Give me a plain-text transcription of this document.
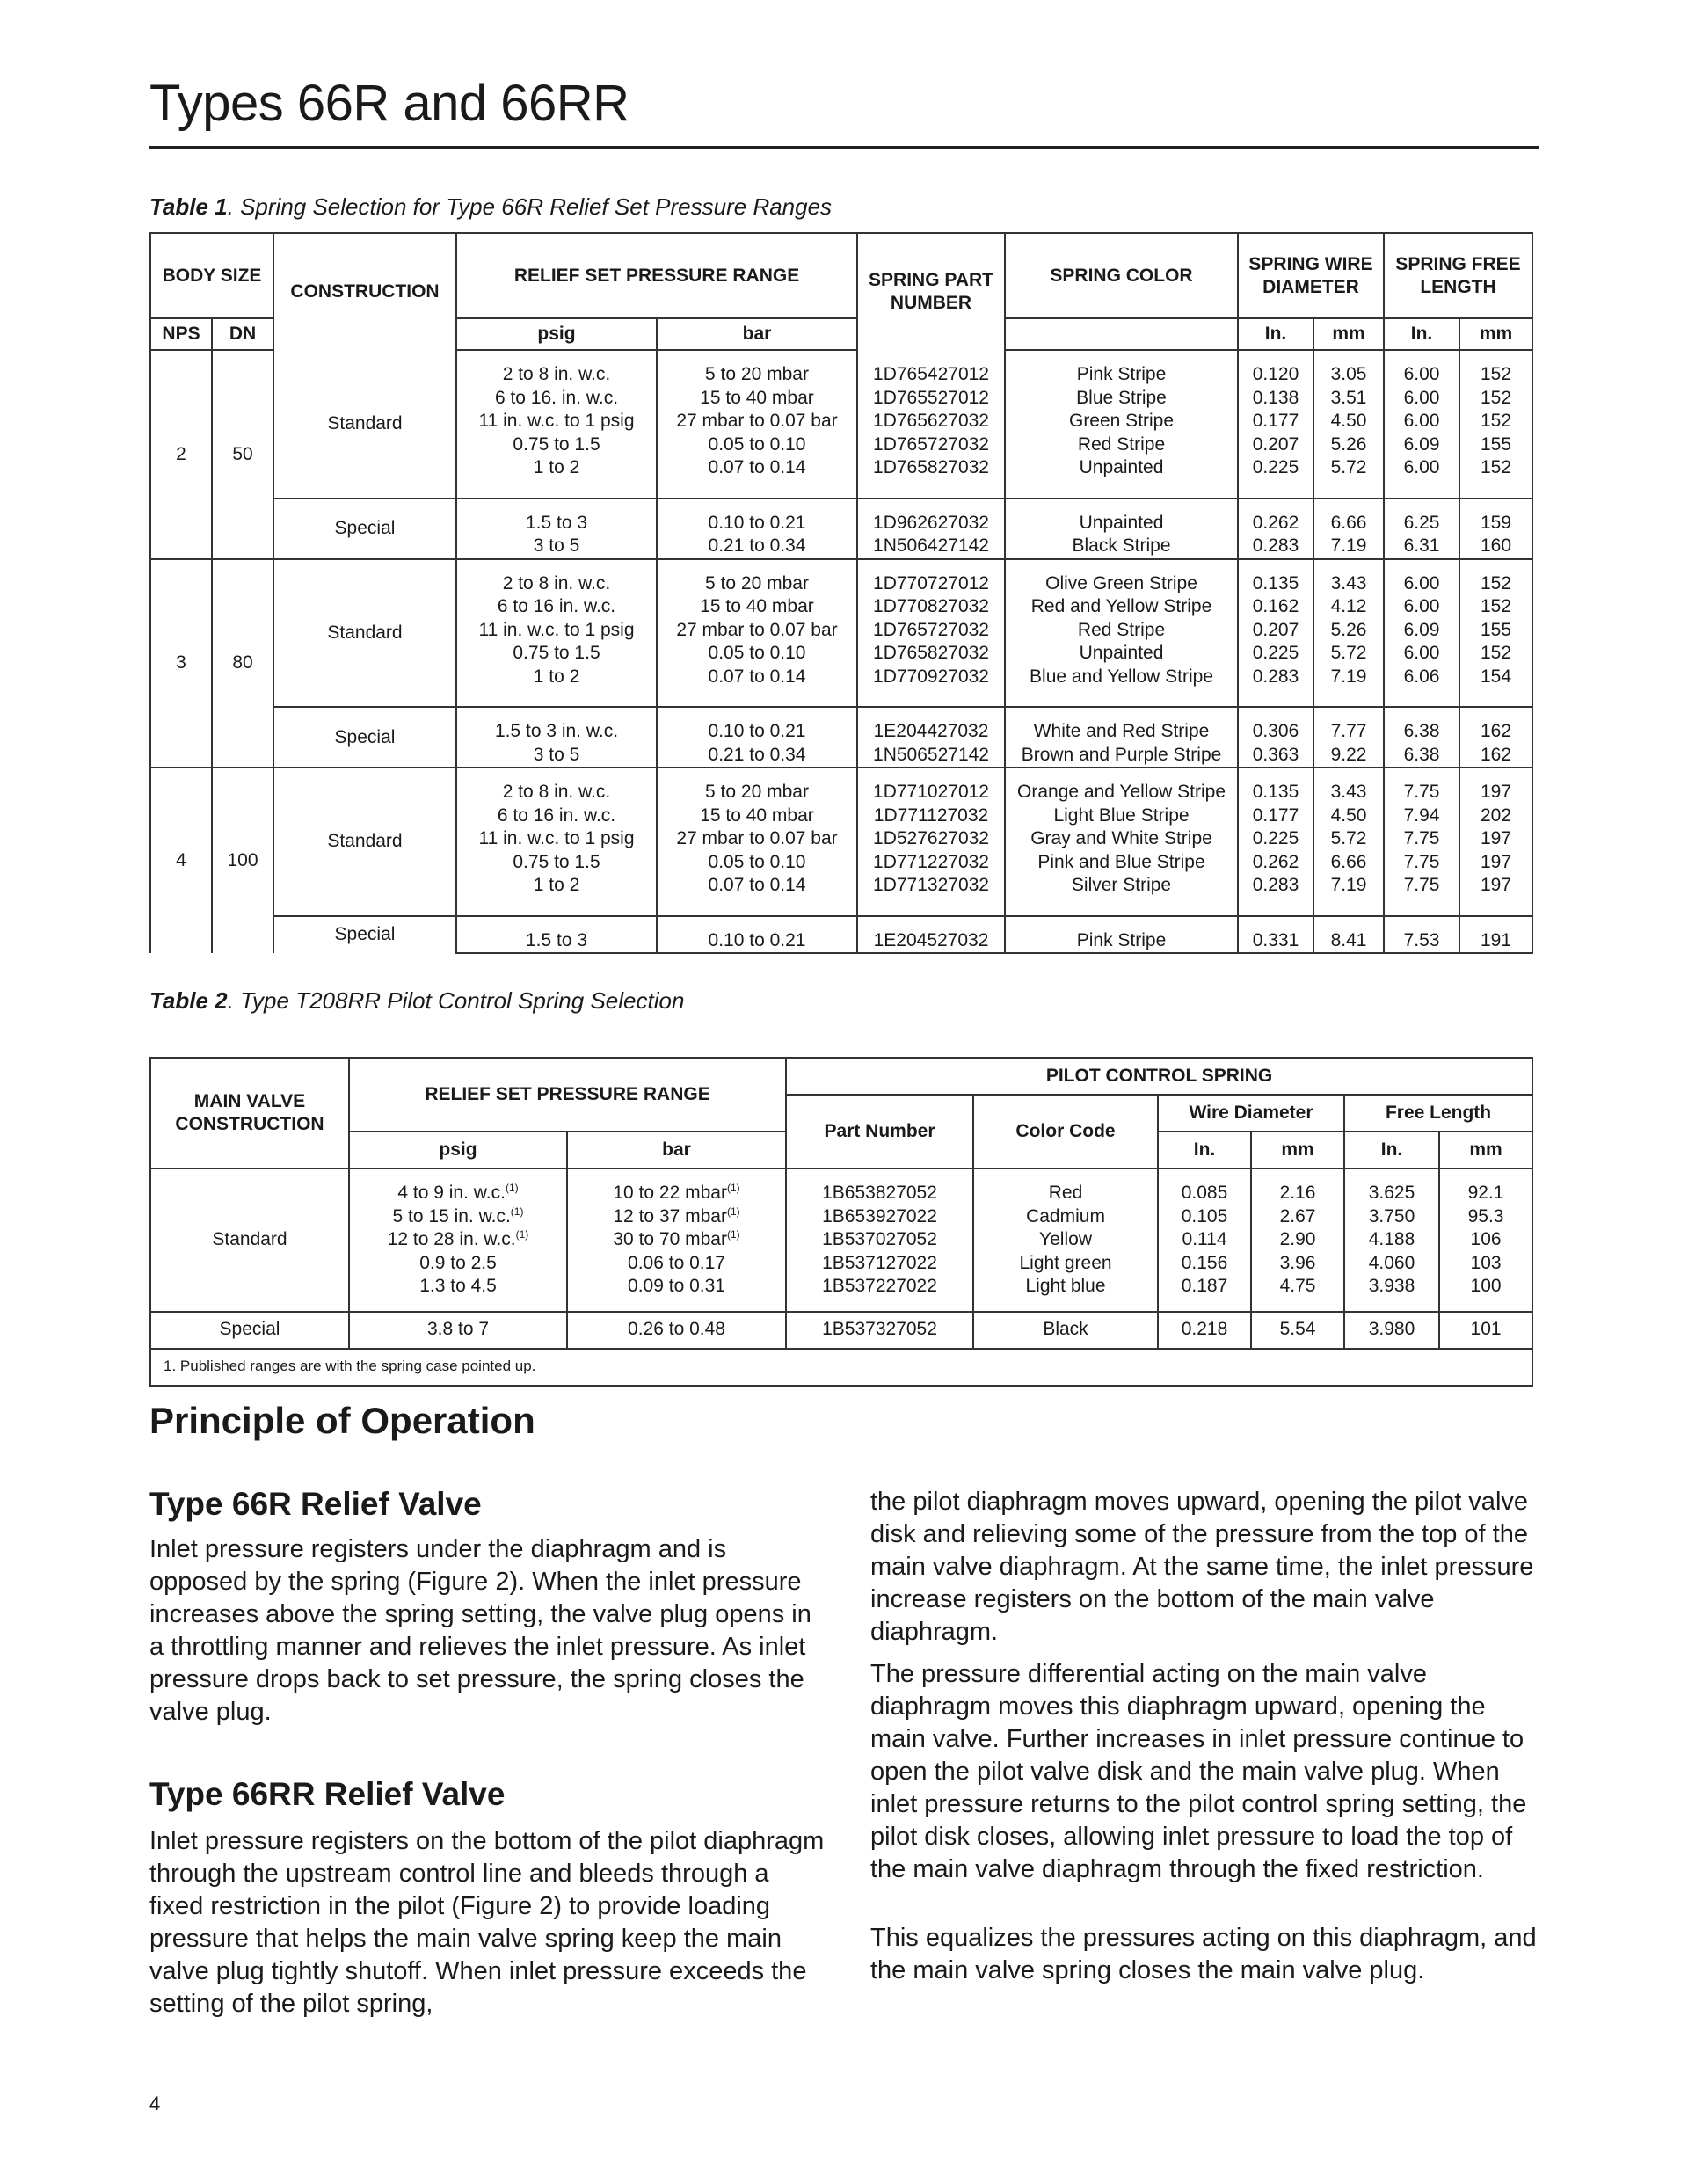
Types 66R and 66RR

Table 1. Spring Selection for Type 66R Relief Set Pressure Ranges

BODY SIZE		CONSTRUCTION	RELIEF SET PRESSURE RANGE		SPRING PART NUMBER	SPRING COLOR	SPRING WIRE DIAMETER		SPRING FREE LENGTH	
NPS	DN		psig	bar			In.	mm	In.	mm
2	50	Standard								
			2 to 8 in. w.c.	5 to 20 mbar	1D765427012	Pink Stripe	0.120	3.05	6.00	152
			6 to 16. in. w.c.	15 to 40 mbar	1D765527012	Blue Stripe	0.138	3.51	6.00	152
			11 in. w.c. to 1 psig	27 mbar to 0.07 bar	1D765627032	Green Stripe	0.177	4.50	6.00	152
			0.75 to 1.5	0.05 to 0.10	1D765727032	Red Stripe	0.207	5.26	6.09	155
			1 to 2	0.07 to 0.14	1D765827032	Unpainted	0.225	5.72	6.00	152

		Special								
			1.5 to 3	0.10 to 0.21	1D962627032	Unpainted	0.262	6.66	6.25	159
			3 to 5	0.21 to 0.34	1N506427142	Black Stripe	0.283	7.19	6.31	160
3	80	Standard								
			2 to 8 in. w.c.	5 to 20 mbar	1D770727012	Olive Green Stripe	0.135	3.43	6.00	152
			6 to 16 in. w.c.	15 to 40 mbar	1D770827032	Red and Yellow Stripe	0.162	4.12	6.00	152
			11 in. w.c. to 1 psig	27 mbar to 0.07 bar	1D765727032	Red Stripe	0.207	5.26	6.09	155
			0.75 to 1.5	0.05 to 0.10	1D765827032	Unpainted	0.225	5.72	6.00	152
			1 to 2	0.07 to 0.14	1D770927032	Blue and Yellow Stripe	0.283	7.19	6.06	154

		Special								
			1.5 to 3 in. w.c.	0.10 to 0.21	1E204427032	White and Red Stripe	0.306	7.77	6.38	162
			3 to 5	0.21 to 0.34	1N506527142	Brown and Purple Stripe	0.363	9.22	6.38	162
4	100	Standard								
			2 to 8 in. w.c.	5 to 20 mbar	1D771027012	Orange and Yellow Stripe	0.135	3.43	7.75	197
			6 to 16 in. w.c.	15 to 40 mbar	1D771127032	Light Blue Stripe	0.177	4.50	7.94	202
			11 in. w.c. to 1 psig	27 mbar to 0.07 bar	1D527627032	Gray and White Stripe	0.225	5.72	7.75	197
			0.75 to 1.5	0.05 to 0.10	1D771227032	Pink and Blue Stripe	0.262	6.66	7.75	197
			1 to 2	0.07 to 0.14	1D771327032	Silver Stripe	0.283	7.19	7.75	197

		Special								
			1.5 to 3	0.10 to 0.21	1E204527032	Pink Stripe	0.331	8.41	7.53	191

Table 2. Type T208RR Pilot Control Spring Selection

MAIN VALVE CONSTRUCTION	RELIEF SET PRESSURE RANGE		PILOT CONTROL SPRING					
			Part Number	Color Code	Wire Diameter		Free Length	
	psig	bar			In.	mm	In.	mm
Standard								
	4 to 9 in. w.c.$^{(1)}$	10 to 22 mbar$^{(1)}$	1B653827052	Red	0.085	2.16	3.625	92.1
	5 to 15 in. w.c.$^{(1)}$	12 to 37 mbar$^{(1)}$	1B653927022	Cadmium	0.105	2.67	3.750	95.3
	12 to 28 in. w.c.$^{(1)}$	30 to 70 mbar$^{(1)}$	1B537027052	Yellow	0.114	2.90	4.188	106
	0.9 to 2.5	0.06 to 0.17	1B537127022	Light green	0.156	3.96	4.060	103
	1.3 to 4.5	0.09 to 0.31	1B537227022	Light blue	0.187	4.75	3.938	100

Special	3.8 to 7	0.26 to 0.48	1B537327052	Black	0.218	5.54	3.980	101
1. Published ranges are with the spring case pointed up.								
Principle of Operation
Type 66R Relief Valve

Inlet pressure registers under the diaphragm and is opposed by the spring (Figure 2). When the inlet pressure increases above the spring setting, the valve plug opens in a throttling manner and relieves the inlet pressure. As inlet pressure drops back to set pressure, the spring closes the valve plug.

Type 66RR Relief Valve

Inlet pressure registers on the bottom of the pilot diaphragm through the upstream control line and bleeds through a fixed restriction in the pilot (Figure 2) to provide loading pressure that helps the main valve spring keep the main valve plug tightly shutoff. When inlet pressure exceeds the setting of the pilot spring,

the pilot diaphragm moves upward, opening the pilot valve disk and relieving some of the pressure from the top of the main valve diaphragm. At the same time, the inlet pressure increase registers on the bottom of the main valve diaphragm.

The pressure differential acting on the main valve diaphragm moves this diaphragm upward, opening the main valve. Further increases in inlet pressure continue to open the pilot valve disk and the main valve plug. When inlet pressure returns to the pilot control spring setting, the pilot disk closes, allowing inlet pressure to load the top of the main valve diaphragm through the fixed restriction.

This equalizes the pressures acting on this diaphragm, and the main valve spring closes the main valve plug.

4
